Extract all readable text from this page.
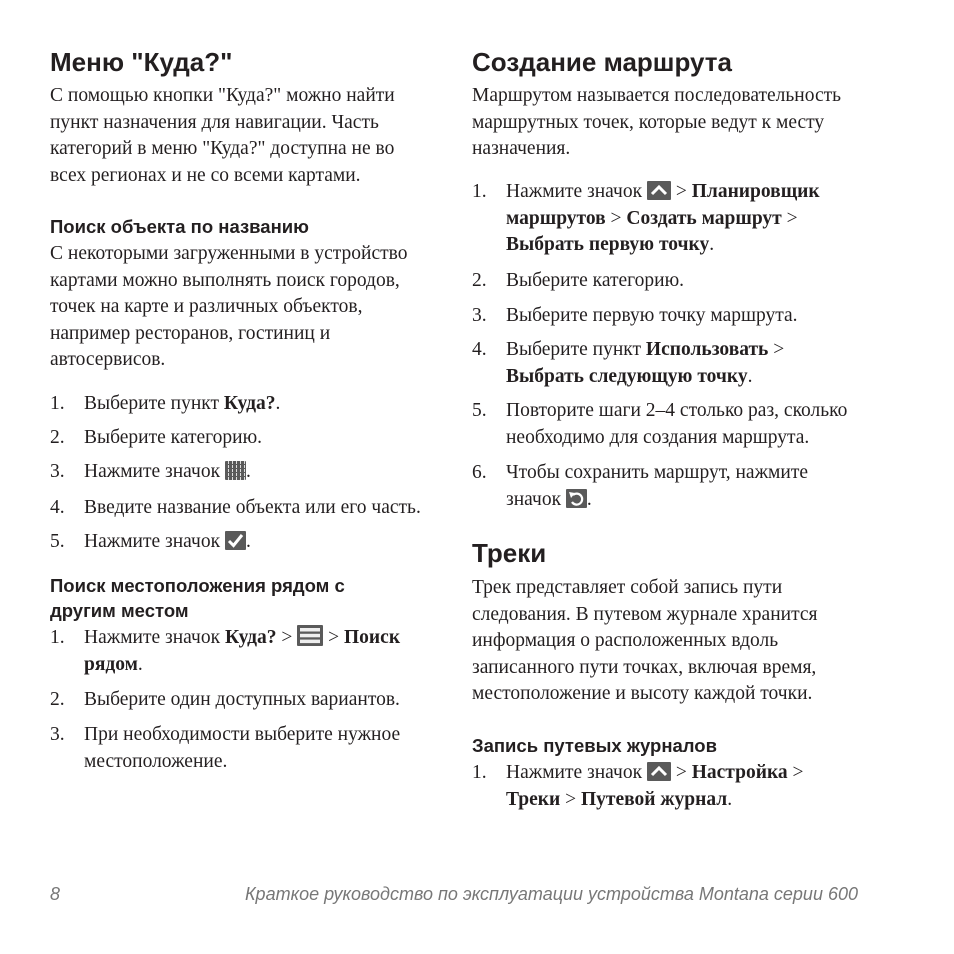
Меню "Куда?"
С помощью кнопки "Куда?" можно найти
пункт назначения для навигации. Часть
категорий в меню "Куда?" доступна не во
всех регионах и не со всеми картами.
Поиск объекта по названию
С некоторыми загруженными в устройство
картами можно выполнять поиск городов,
точек на карте и различных объектов,
например ресторанов, гостиниц и
автосервисов.
1. Выберите пункт Куда?.
2. Выберите категорию.
3. Нажмите значок
.
4. Введите название объекта или его часть.
5. Нажмите значок .
Поиск местоположения рядом с
другим местом
1. Нажмите значок Куда? >  > Поиск
рядом.
2. Выберите один доступных вариантов.
3. При необходимости выберите нужное
местоположение.
Создание маршрута
Маршрутом называется последовательность
маршрутных точек, которые ведут к месту
назначения.
1. Нажмите значок  > Планировщик
маршрутов > Создать маршрут >
Выбрать первую точку.
2. Выберите категорию.
3. Выберите первую точку маршрута.
4. Выберите пункт Использовать >
Выбрать следующую точку.
5. Повторите шаги 2–4 столько раз, сколько
необходимо для создания маршрута.
6. Чтобы сохранить маршрут, нажмите
значок .
Треки
Трек представляет собой запись пути
следования. В путевом журнале хранится
информация о расположенных вдоль
записанного пути точках, включая время,
местоположение и высоту каждой точки.
Запись путевых журналов
1. Нажмите значок  > Настройка >
Треки > Путевой журнал.
8	Краткое руководство по эксплуатации устройства Montana серии 600
